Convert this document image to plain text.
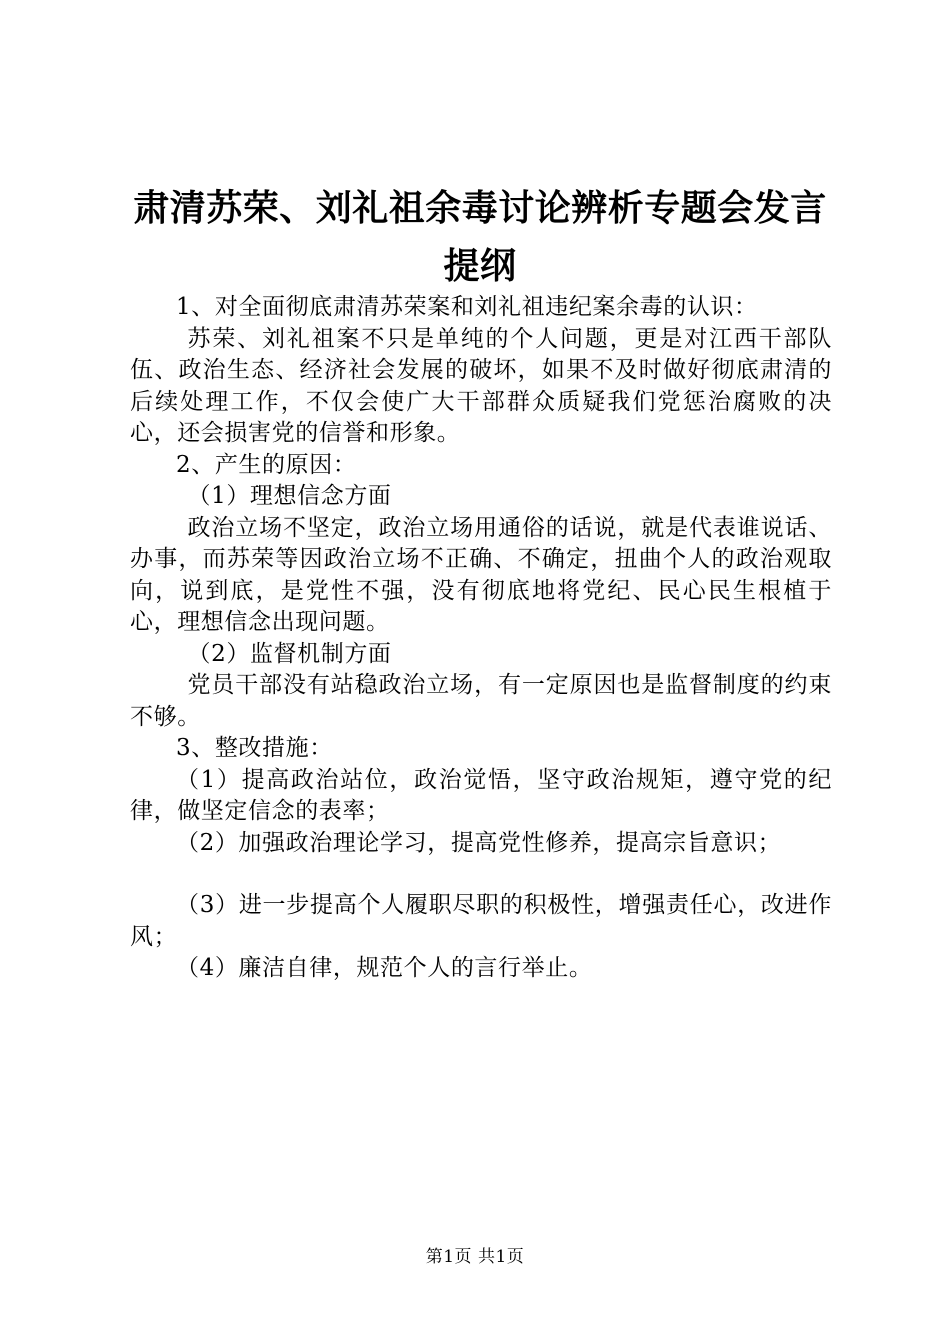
肃清苏荣、刘礼祖余毒讨论辨析专题会发言提纲

1、对全面彻底肃清苏荣案和刘礼祖违纪案余毒的认识：

苏荣、刘礼祖案不只是单纯的个人问题，更是对江西干部队伍、政治生态、经济社会发展的破坏，如果不及时做好彻底肃清的后续处理工作，不仅会使广大干部群众质疑我们党惩治腐败的决心，还会损害党的信誉和形象。

2、产生的原因：

（1）理想信念方面

政治立场不坚定，政治立场用通俗的话说，就是代表谁说话、办事，而苏荣等因政治立场不正确、不确定，扭曲个人的政治观取向，说到底，是党性不强，没有彻底地将党纪、民心民生根植于心，理想信念出现问题。

（2）监督机制方面

党员干部没有站稳政治立场，有一定原因也是监督制度的约束不够。

3、整改措施：

（1）提高政治站位，政治觉悟，坚守政治规矩，遵守党的纪律，做坚定信念的表率；

（2）加强政治理论学习，提高党性修养，提高宗旨意识；

（3）进一步提高个人履职尽职的积极性，增强责任心，改进作风；

（4）廉洁自律，规范个人的言行举止。

第1页 共1页
